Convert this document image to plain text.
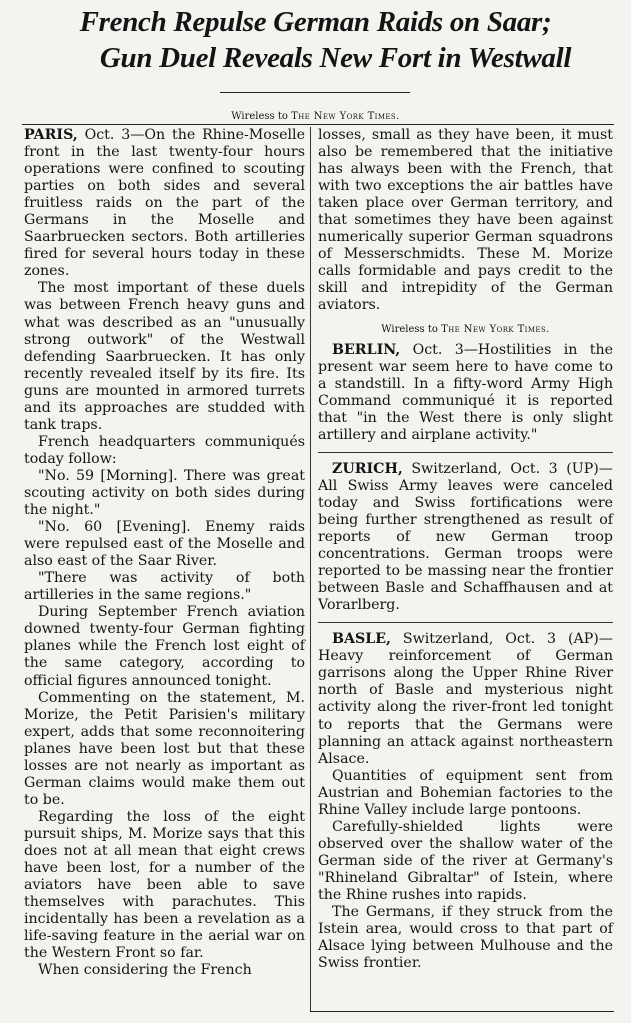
French Repulse German Raids on Saar;
Gun Duel Reveals New Fort in Westwall
Wireless to The New York Times.

PARIS, Oct. 3—On the Rhine-Moselle front in the last twenty-four hours operations were confined to scouting parties on both sides and several fruitless raids on the part of the Germans in the Moselle and Saarbruecken sectors. Both artilleries fired for several hours today in these zones.

The most important of these duels was between French heavy guns and what was described as an "unusually strong outwork" of the Westwall defending Saarbruecken. It has only recently revealed itself by its fire. Its guns are mounted in armored turrets and its approaches are studded with tank traps.

French headquarters communiqués today follow:

"No. 59 [Morning]. There was great scouting activity on both sides during the night."

"No. 60 [Evening]. Enemy raids were repulsed east of the Moselle and also east of the Saar River.

"There was activity of both artilleries in the same regions."

During September French aviation downed twenty-four German fighting planes while the French lost eight of the same category, according to official figures announced tonight.

Commenting on the statement, M. Morize, the Petit Parisien's military expert, adds that some reconnoitering planes have been lost but that these losses are not nearly as important as German claims would make them out to be.

Regarding the loss of the eight pursuit ships, M. Morize says that this does not at all mean that eight crews have been lost, for a number of the aviators have been able to save themselves with parachutes. This incidentally has been a revelation as a life-saving feature in the aerial war on the Western Front so far.

When considering the French

losses, small as they have been, it must also be remembered that the initiative has always been with the French, that with two exceptions the air battles have taken place over German territory, and that sometimes they have been against numerically superior German squadrons of Messerschmidts. These M. Morize calls formidable and pays credit to the skill and intrepidity of the German aviators.

Wireless to The New York Times.

BERLIN, Oct. 3—Hostilities in the present war seem here to have come to a standstill. In a fifty-word Army High Command communiqué it is reported that "in the West there is only slight artillery and airplane activity."

ZURICH, Switzerland, Oct. 3 (UP)—All Swiss Army leaves were canceled today and Swiss fortifications were being further strengthened as result of reports of new German troop concentrations. German troops were reported to be massing near the frontier between Basle and Schaffhausen and at Vorarlberg.

BASLE, Switzerland, Oct. 3 (AP)—Heavy reinforcement of German garrisons along the Upper Rhine River north of Basle and mysterious night activity along the river-front led tonight to reports that the Germans were planning an attack against northeastern Alsace.

Quantities of equipment sent from Austrian and Bohemian factories to the Rhine Valley include large pontoons.

Carefully-shielded lights were observed over the shallow water of the German side of the river at Germany's "Rhineland Gibraltar" of Istein, where the Rhine rushes into rapids.

The Germans, if they struck from the Istein area, would cross to that part of Alsace lying between Mulhouse and the Swiss frontier.
